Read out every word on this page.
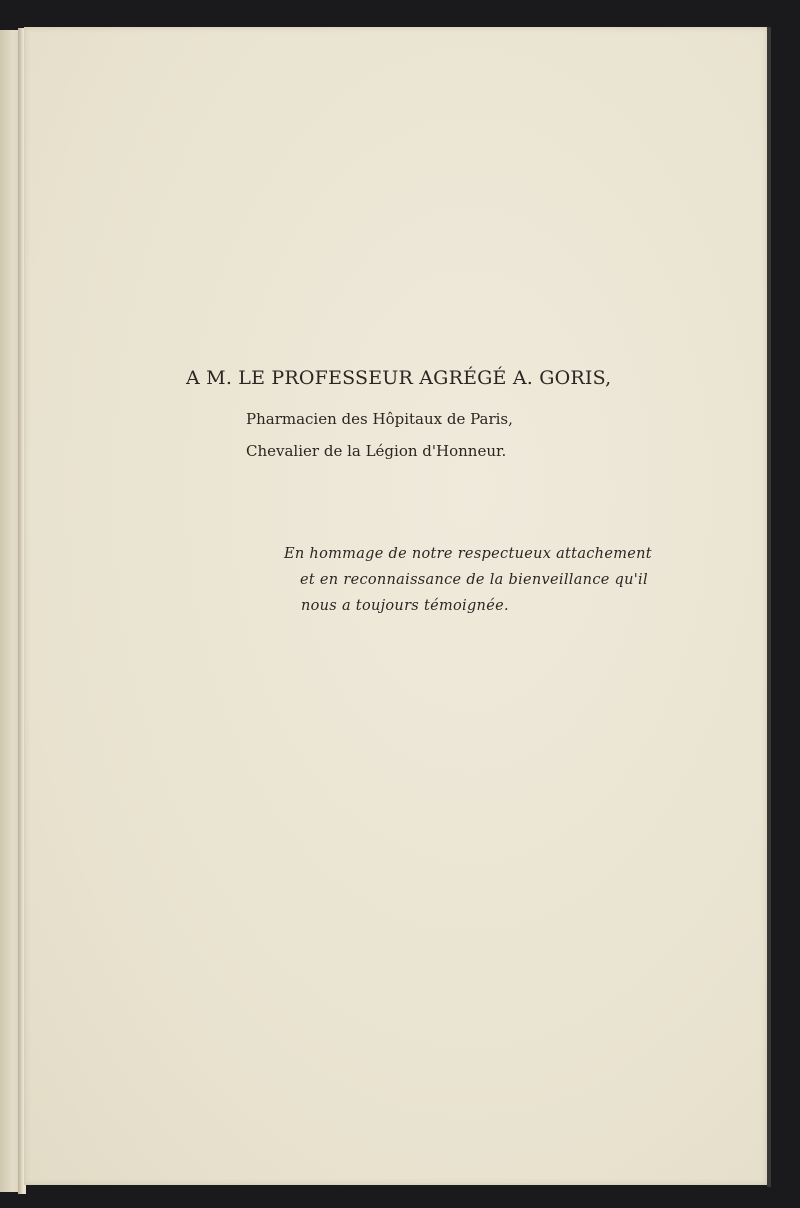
A M. LE PROFESSEUR AGRÉGÉ A. GORIS,
Pharmacien des Hôpitaux de Paris,
Chevalier de la Légion d'Honneur.
En hommage de notre respectueux attachement
et en reconnaissance de la bienveillance qu'il
nous a toujours témoignée.
